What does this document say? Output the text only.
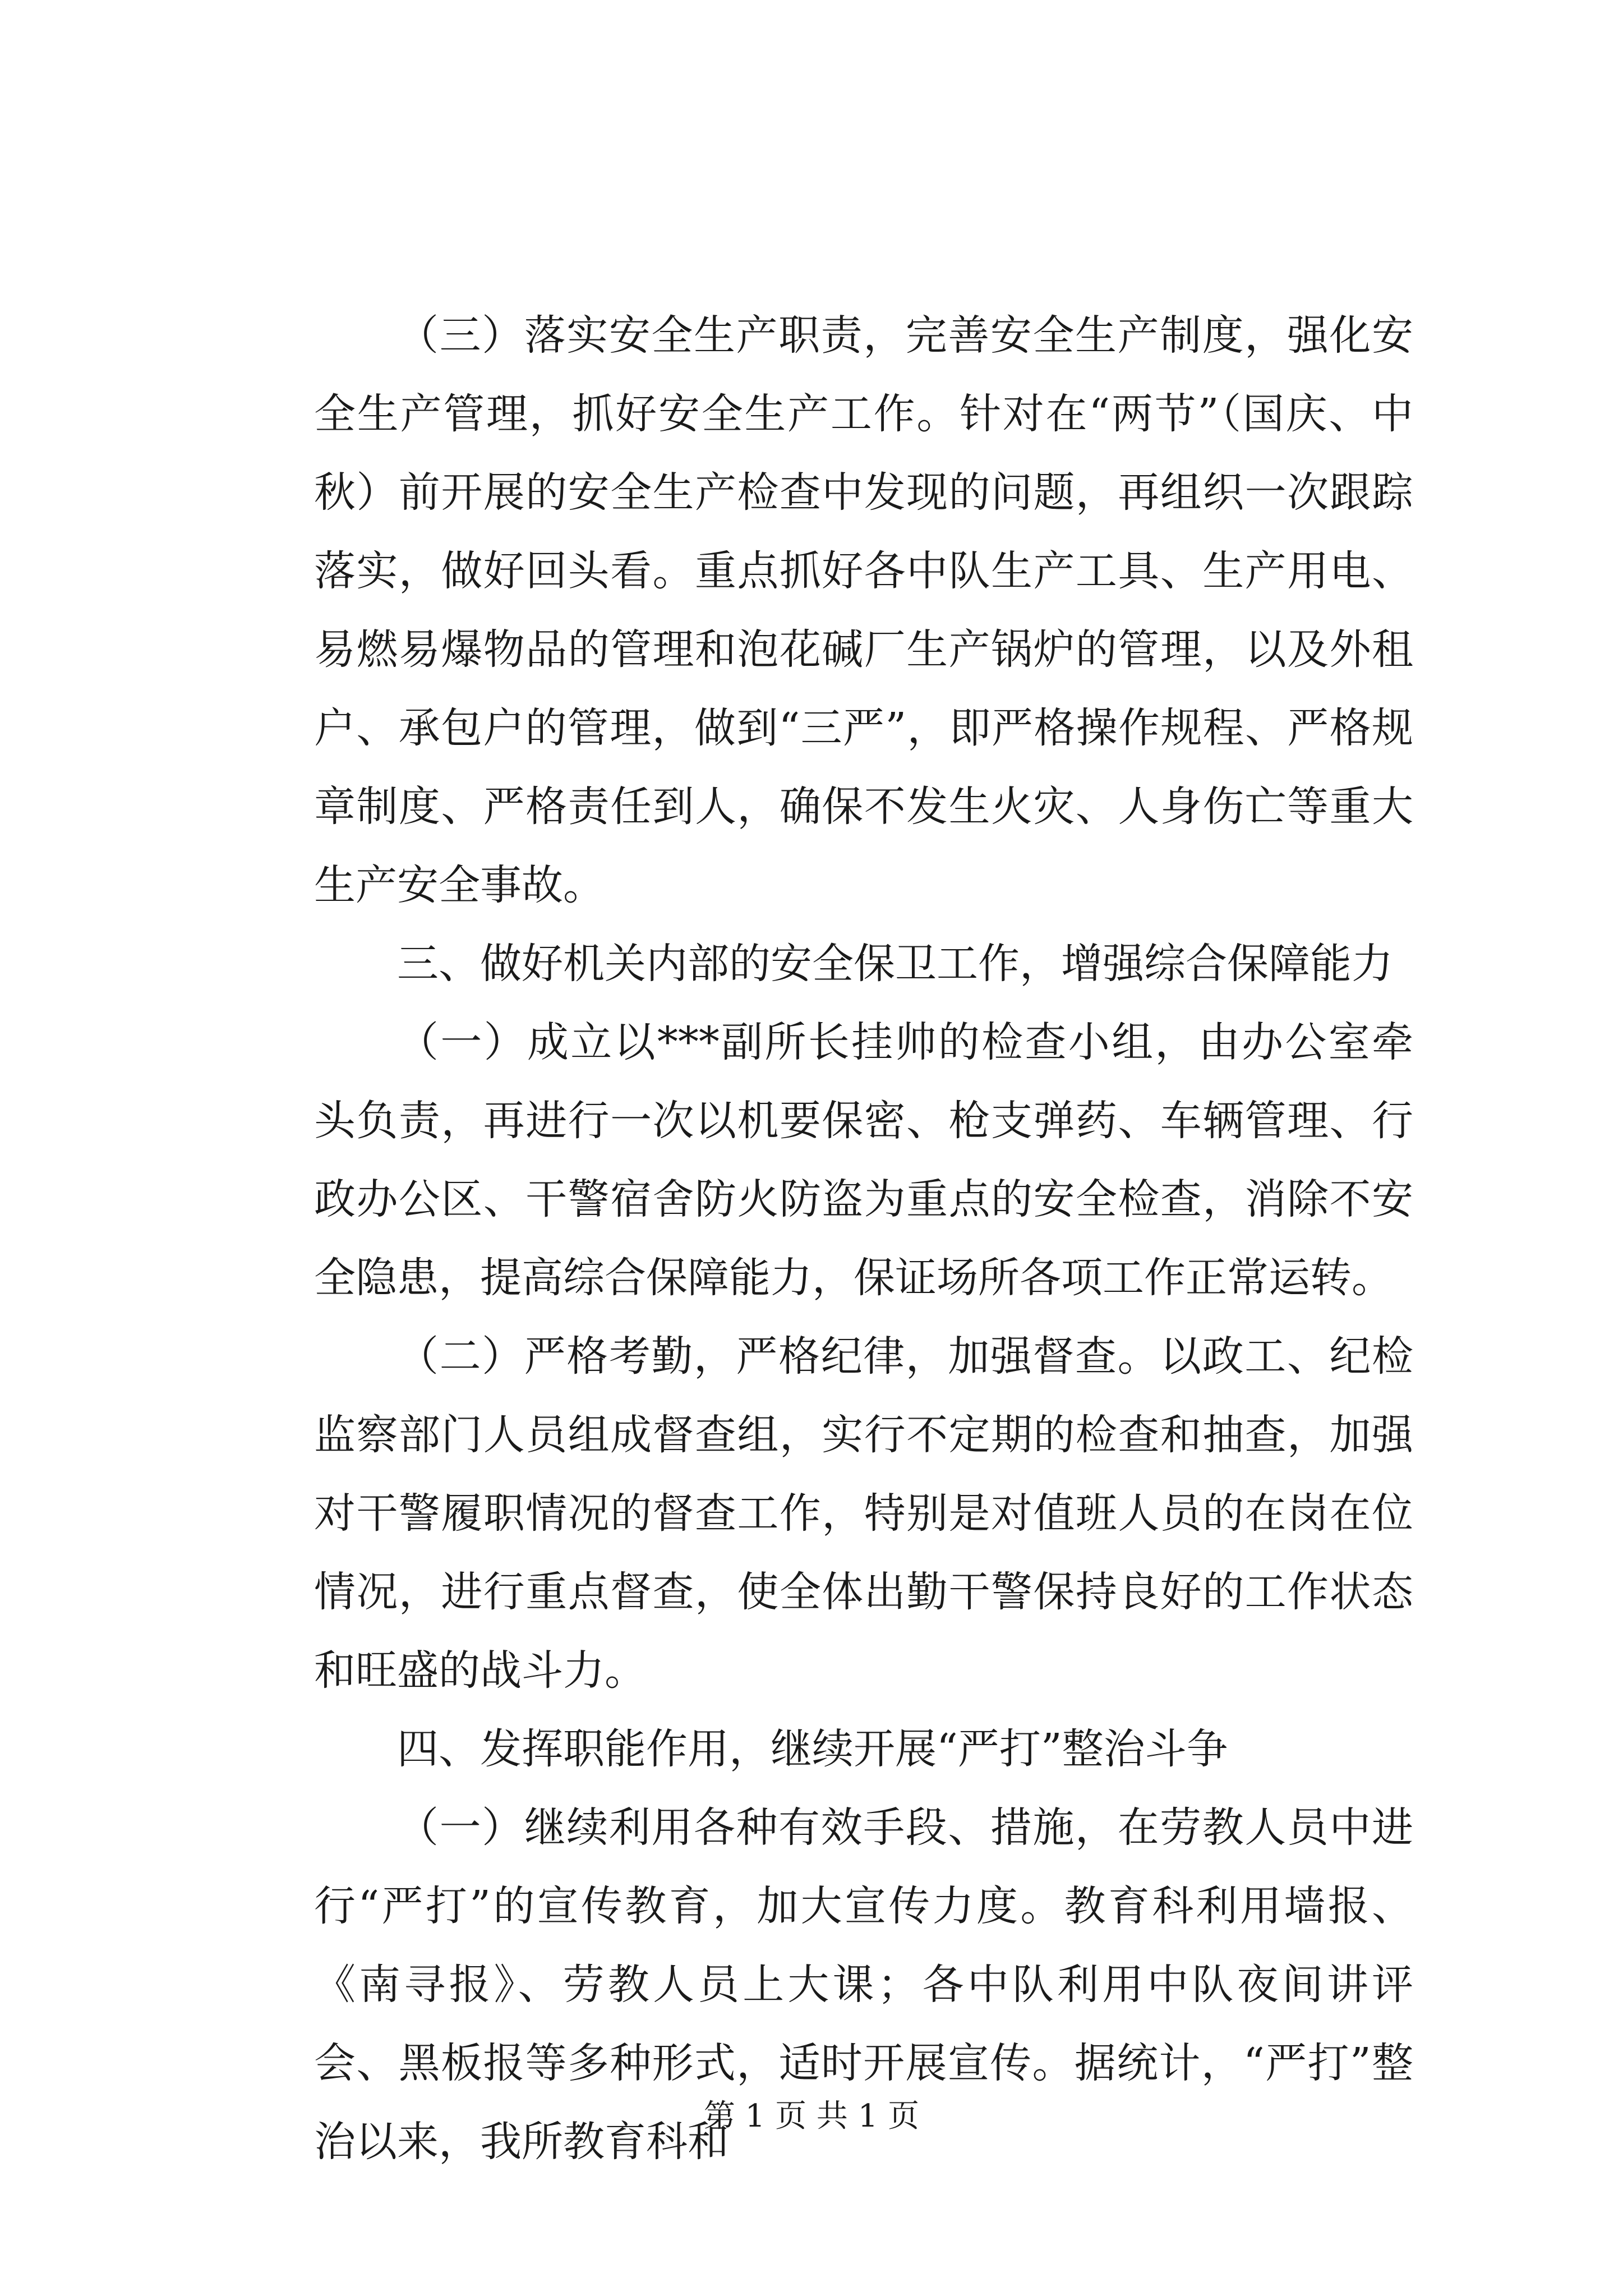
（三）落实安全生产职责，完善安全生产制度，强化安全生产管理，抓好安全生产工作。针对在“两节”（国庆、中秋）前开展的安全生产检查中发现的问题，再组织一次跟踪落实，做好回头看。重点抓好各中队生产工具、生产用电、易燃易爆物品的管理和泡花碱厂生产锅炉的管理，以及外租户、承包户的管理，做到“三严”，即严格操作规程、严格规章制度、严格责任到人，确保不发生火灾、人身伤亡等重大生产安全事故。

三、做好机关内部的安全保卫工作，增强综合保障能力

（一）成立以***副所长挂帅的检查小组，由办公室牵头负责，再进行一次以机要保密、枪支弹药、车辆管理、行政办公区、干警宿舍防火防盗为重点的安全检查，消除不安全隐患，提高综合保障能力，保证场所各项工作正常运转。

（二）严格考勤，严格纪律，加强督查。以政工、纪检监察部门人员组成督查组，实行不定期的检查和抽查，加强对干警履职情况的督查工作，特别是对值班人员的在岗在位情况，进行重点督查，使全体出勤干警保持良好的工作状态和旺盛的战斗力。

四、发挥职能作用，继续开展“严打”整治斗争

（一）继续利用各种有效手段、措施，在劳教人员中进行“严打”的宣传教育，加大宣传力度。教育科利用墙报、《南寻报》、劳教人员上大课；各中队利用中队夜间讲评会、黑板报等多种形式，适时开展宣传。据统计，“严打”整治以来，我所教育科和

第 1 页 共 1 页
